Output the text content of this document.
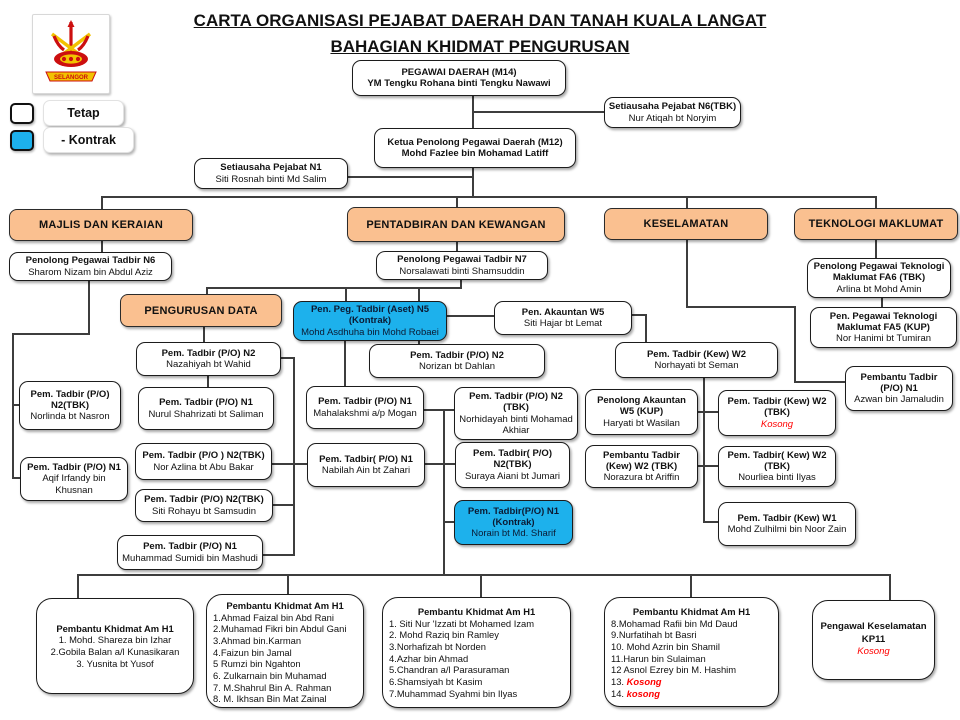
SELANGOR
CARTA ORGANISASI PEJABAT DAERAH DAN TANAH KUALA LANGAT
BAHAGIAN KHIDMAT PENGURUSAN
Tetap
- Kontrak
PEGAWAI DAERAH (M14)
YM Tengku Rohana binti Tengku Nawawi
Setiausaha Pejabat N6(TBK)
Nur Atiqah bt Noryim
Ketua Penolong Pegawai Daerah (M12)
Mohd Fazlee bin Mohamad Latiff
Setiausaha Pejabat N1
Siti Rosnah binti Md Salim
MAJLIS DAN KERAIAN	PENTADBIRAN DAN KEWANGAN	KESELAMATAN	TEKNOLOGI MAKLUMAT
PENGURUSAN DATA
Penolong Pegawai Tadbir N6
Sharom Nizam bin Abdul Aziz
Penolong Pegawai Tadbir N7
Norsalawati binti Shamsuddin	Penolong Pegawai Teknologi Maklumat FA6 (TBK)
Arlina bt Mohd Amin
Pen. Pegawai Teknologi Maklumat FA5 (KUP)
Nor Hanimi bt Tumiran
Pen. Peg. Tadbir (Aset) N5 (Kontrak)
Mohd Asdhuha bin Mohd Robaei
Pen. Akauntan W5
Siti Hajar bt Lemat
Pem. Tadbir (P/O) N2
Nazahiyah bt Wahid
Pem. Tadbir (P/O) N2
Norizan bt Dahlan
Pem. Tadbir (Kew) W2
Norhayati bt Seman
Pembantu Tadbir (P/O) N1
Azwan bin Jamaludin
Pem. Tadbir (P/O) N2(TBK)
Norlinda bt Nasron
Pem. Tadbir (P/O) N1
Nurul Shahrizati bt Saliman
Pem. Tadbir (P/O) N1
Mahalakshmi a/p Mogan
Pem. Tadbir (P/O) N2 (TBK)
Norhidayah binti Mohamad Akhiar
Penolong Akauntan W5 (KUP)
Haryati bt Wasilan
Pem. Tadbir (Kew) W2 (TBK)
Kosong
Pem. Tadbir (P/O) N1
Aqif Irfandy bin Khusnan
Pem. Tadbir (P/O ) N2(TBK)
Nor Azlina bt Abu Bakar
Pem. Tadbir( P/O) N1
Nabilah Ain bt Zahari
Pem. Tadbir( P/O) N2(TBK)
Suraya Aiani bt Jumari
Pembantu Tadbir (Kew) W2 (TBK)
Norazura bt Ariffin
Pem. Tadbir( Kew) W2 (TBK)
Nourliea binti Ilyas
Pem. Tadbir (P/O) N2(TBK)
Siti Rohayu bt Samsudin	Pem. Tadbir(P/O) N1 (Kontrak)
Norain bt Md. Sharif
Pem. Tadbir (Kew) W1
Mohd Zulhilmi bin Noor Zain
Pem. Tadbir (P/O) N1
Muhammad Sumidi bin Mashudi
Pembantu Khidmat Am H1
1. Mohd. Shareza bin Izhar
2.Gobila Balan a/l Kunasikaran
3. Yusnita bt Yusof
Pembantu Khidmat Am H1
1.Ahmad Faizal bin Abd Rani
2.Muhamad Fikri bin Abdul Gani
3.Ahmad bin.Karman
4.Faizun bin Jamal
5 Rumzi bin Ngahton
6. Zulkarnain bin Muhamad
7. M.Shahrul Bin A. Rahman
8. M. Ikhsan Bin Mat Zainal
Pembantu Khidmat Am H1
1. Siti Nur 'Izzati bt Mohamed Izam
2. Mohd Raziq bin Ramley
3.Norhafizah bt Norden
4.Azhar bin Ahmad
5.Chandran a/l Parasuraman
6.Shamsiyah bt Kasim
7.Muhammad Syahmi bin Ilyas
Pembantu Khidmat Am H1
8.Mohamad Rafii bin Md Daud
9.Nurfatihah bt Basri
10. Mohd Azrin bin Shamil
11.Harun bin Sulaiman
12 Asnol Ezrey bin M. Hashim
13. Kosong
14. kosong
Pengawal Keselamatan KP11
Kosong
